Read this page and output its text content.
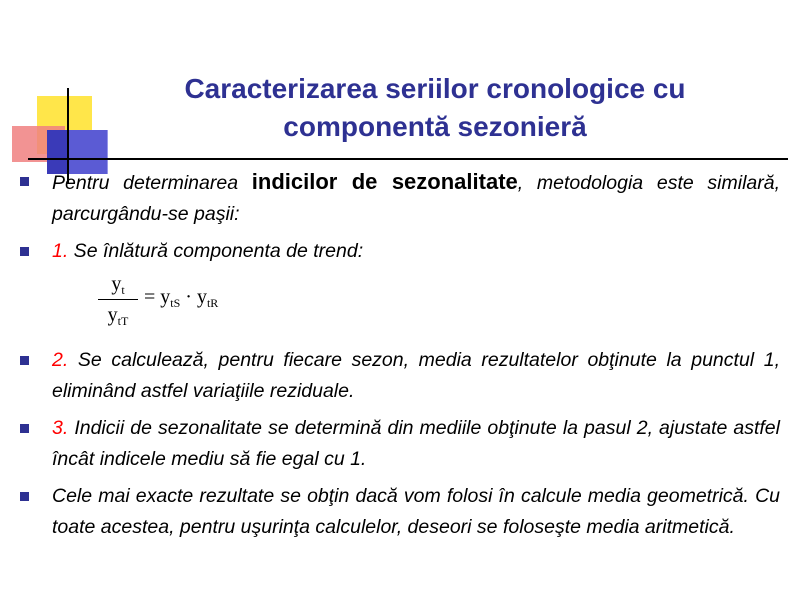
Caracterizarea seriilor cronologice cu
componentă sezonieră
Pentru determinarea indicilor de sezonalitate, metodologia este similară, parcurgându-se paşii:
1. Se înlătură componenta de trend:
$y_t$
$y_{tT}$
= $y_{tS} \cdot y_{tR}$
2. Se calculează, pentru fiecare sezon, media rezultatelor obţinute la punctul 1, eliminând astfel variaţiile reziduale.
3. Indicii de sezonalitate se determină din mediile obţinute la pasul 2, ajustate astfel încât indicele mediu să fie egal cu 1.
Cele mai exacte rezultate se obţin dacă vom folosi în calcule media geometrică. Cu toate acestea, pentru uşurinţa calculelor, deseori se foloseşte media aritmetică.
